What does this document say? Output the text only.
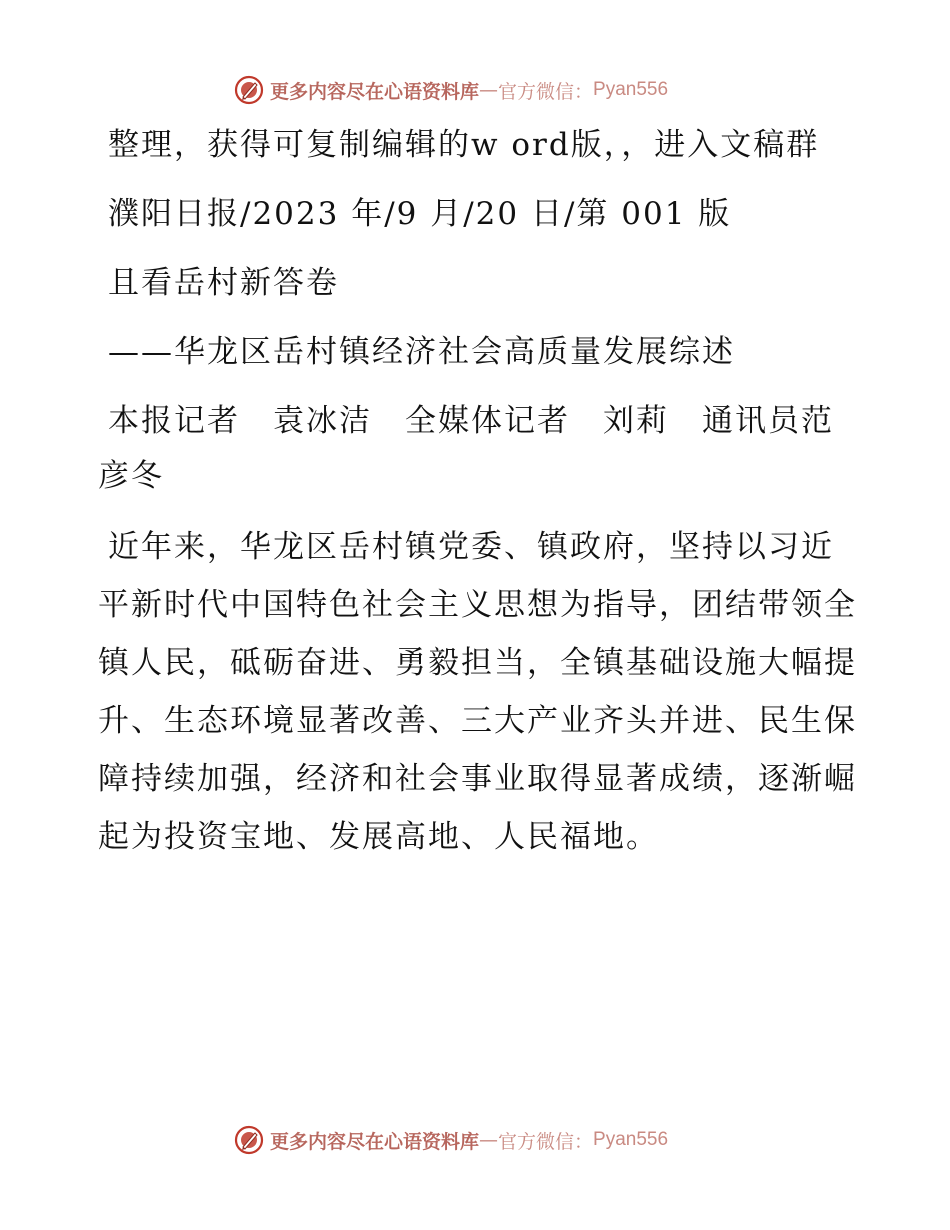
更多内容尽在心语资料库 — 官方微信： Pyan556

整理，获得可复制编辑的w ord版，，进入文稿群

濮阳日报/2023 年/9 月/20 日/第 001 版

且看岳村新答卷

——华龙区岳村镇经济社会高质量发展综述

本报记者　袁冰洁　全媒体记者　刘莉　通讯员范彦冬

近年来，华龙区岳村镇党委、镇政府，坚持以习近平新时代中国特色社会主义思想为指导，团结带领全镇人民，砥砺奋进、勇毅担当，全镇基础设施大幅提升、生态环境显著改善、三大产业齐头并进、民生保障持续加强，经济和社会事业取得显著成绩，逐渐崛起为投资宝地、发展高地、人民福地。

更多内容尽在心语资料库 — 官方微信： Pyan556
